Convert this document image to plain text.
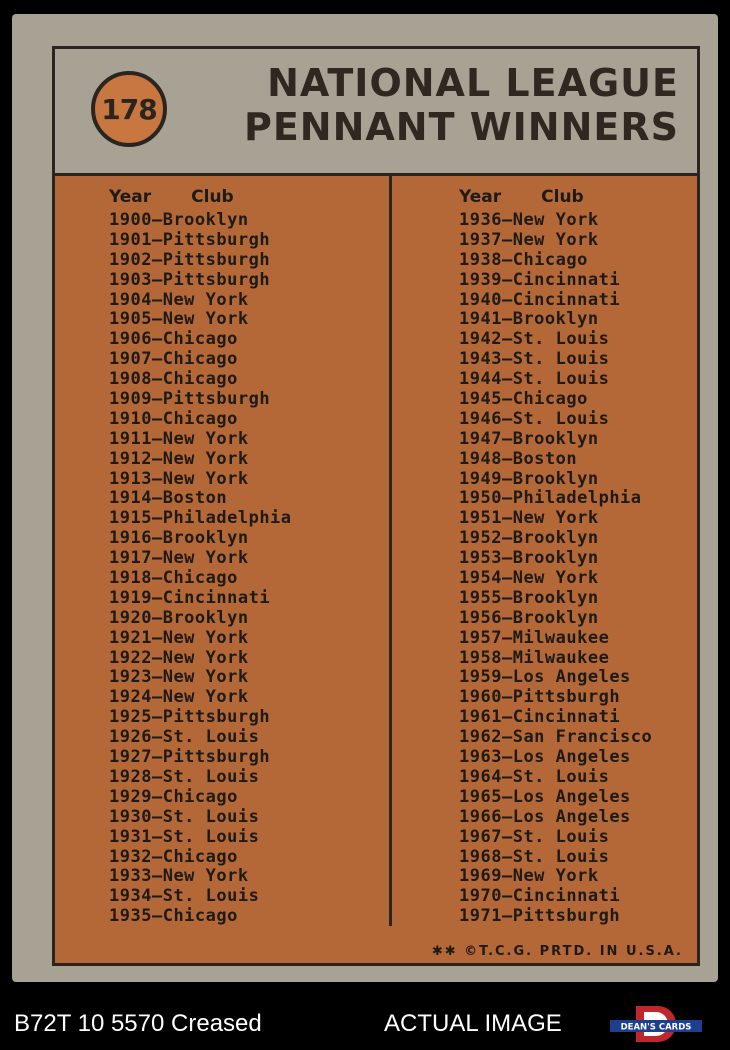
178
NATIONAL LEAGUE
PENNANT WINNERS
Year Club
1900—Brooklyn
1901—Pittsburgh
1902—Pittsburgh
1903—Pittsburgh
1904—New York
1905—New York
1906—Chicago
1907—Chicago
1908—Chicago
1909—Pittsburgh
1910—Chicago
1911—New York
1912—New York
1913—New York
1914—Boston
1915—Philadelphia
1916—Brooklyn
1917—New York
1918—Chicago
1919—Cincinnati
1920—Brooklyn
1921—New York
1922—New York
1923—New York
1924—New York
1925—Pittsburgh
1926—St. Louis
1927—Pittsburgh
1928—St. Louis
1929—Chicago
1930—St. Louis
1931—St. Louis
1932—Chicago
1933—New York
1934—St. Louis
1935—Chicago
Year Club
1936—New York
1937—New York
1938—Chicago
1939—Cincinnati
1940—Cincinnati
1941—Brooklyn
1942—St. Louis
1943—St. Louis
1944—St. Louis
1945—Chicago
1946—St. Louis
1947—Brooklyn
1948—Boston
1949—Brooklyn
1950—Philadelphia
1951—New York
1952—Brooklyn
1953—Brooklyn
1954—New York
1955—Brooklyn
1956—Brooklyn
1957—Milwaukee
1958—Milwaukee
1959—Los Angeles
1960—Pittsburgh
1961—Cincinnati
1962—San Francisco
1963—Los Angeles
1964—St. Louis
1965—Los Angeles
1966—Los Angeles
1967—St. Louis
1968—St. Louis
1969—New York
1970—Cincinnati
1971—Pittsburgh
✱✱ ©T.C.G. PRTD. IN U.S.A.
B72T 10 5570 Creased	ACTUAL IMAGE	DEAN'S CARDS
